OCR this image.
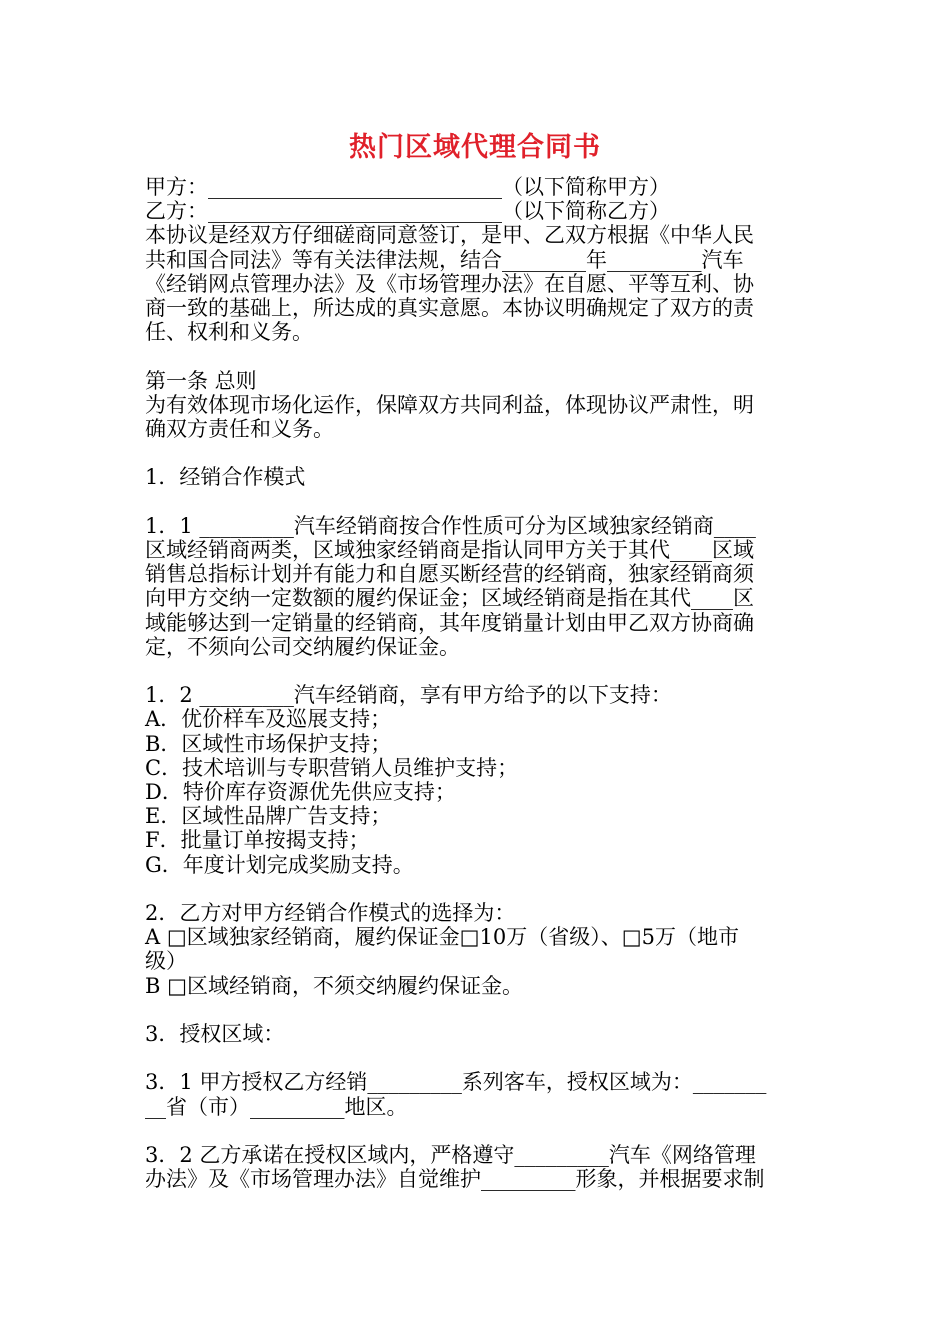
热门区域代理合同书
甲方：____________________________（以下简称甲方）
乙方：____________________________（以下简称乙方）
本协议是经双方仔细磋商同意签订，是甲、乙双方根据《中华人民
共和国合同法》等有关法律法规，结合________年_________汽车
《经销网点管理办法》及《市场管理办法》在自愿、平等互利、协
商一致的基础上，所达成的真实意愿。本协议明确规定了双方的责
任、权利和义务。
第一条 总则
为有效体现市场化运作，保障双方共同利益，体现协议严肃性，明
确双方责任和义务。
1．经销合作模式
1．1 _________汽车经销商按合作性质可分为区域独家经销商____
区域经销商两类，区域独家经销商是指认同甲方关于其代____区域
销售总指标计划并有能力和自愿买断经营的经销商，独家经销商须
向甲方交纳一定数额的履约保证金；区域经销商是指在其代____区
域能够达到一定销量的经销商，其年度销量计划由甲乙双方协商确
定，不须向公司交纳履约保证金。
1．2 _________汽车经销商，享有甲方给予的以下支持：
A．优价样车及巡展支持；
B．区域性市场保护支持；
C．技术培训与专职营销人员维护支持；
D．特价库存资源优先供应支持；
E．区域性品牌广告支持；
F．批量订单按揭支持；
G．年度计划完成奖励支持。
2．乙方对甲方经销合作模式的选择为：
A □区域独家经销商，履约保证金□10万（省级）、□5万（地市
级）
B □区域经销商，不须交纳履约保证金。
3．授权区域：
3．1 甲方授权乙方经销_________系列客车，授权区域为：_______
__省（市）_________地区。
3．2 乙方承诺在授权区域内，严格遵守_________汽车《网络管理
办法》及《市场管理办法》自觉维护_________形象，并根据要求制
